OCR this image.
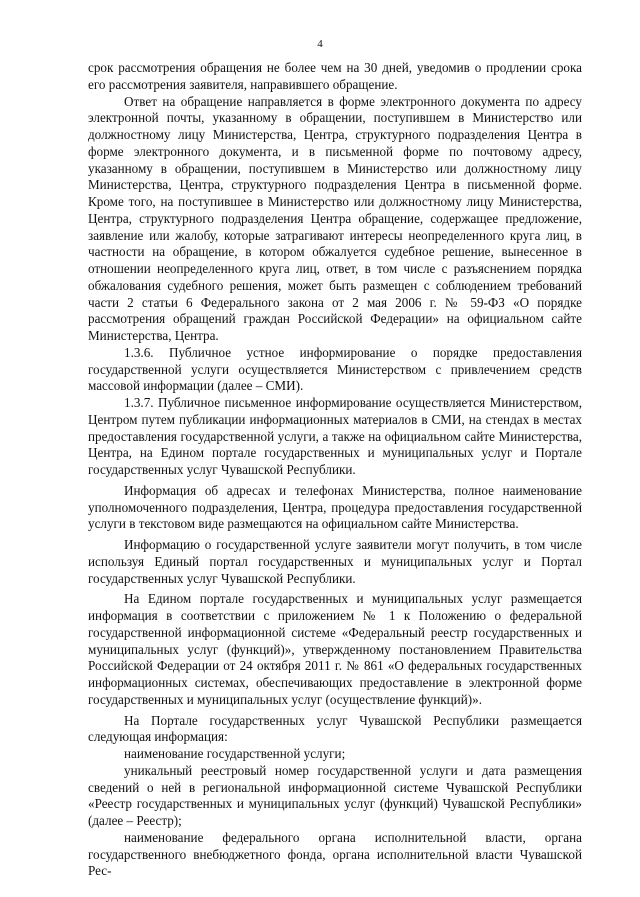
4

срок рассмотрения обращения не более чем на 30 дней, уведомив о продлении срока его рассмотрения заявителя, направившего обращение.

Ответ на обращение направляется в форме электронного документа по адресу электронной почты, указанному в обращении, поступившем в Министерство или должностному лицу Министерства, Центра, структурного подразделения Центра в форме электронного документа, и в письменной форме по почтовому адресу, указанному в обращении, поступившем в Министерство или должностному лицу Министерства, Центра, структурного подразделения Центра в письменной форме. Кроме того, на поступившее в Министерство или должностному лицу Министерства, Центра, структурного подразделения Центра обращение, содержащее предложение, заявление или жалобу, которые затрагивают интересы неопределенного круга лиц, в частности на обращение, в котором обжалуется судебное решение, вынесенное в отношении неопределенного круга лиц, ответ, в том числе с разъяснением порядка обжалования судебного решения, может быть размещен с соблюдением требований части 2 статьи 6 Федерального закона от 2 мая 2006 г. № 59-ФЗ «О порядке рассмотрения обращений граждан Российской Федерации» на официальном сайте Министерства, Центра.

1.3.6. Публичное устное информирование о порядке предоставления государственной услуги осуществляется Министерством с привлечением средств массовой информации (далее – СМИ).

1.3.7. Публичное письменное информирование осуществляется Министерством, Центром путем публикации информационных материалов в СМИ, на стендах в местах предоставления государственной услуги, а также на официальном сайте Министерства, Центра, на Едином портале государственных и муниципальных услуг и Портале государственных услуг Чувашской Республики.

Информация об адресах и телефонах Министерства, полное наименование уполномоченного подразделения, Центра, процедура предоставления государственной услуги в текстовом виде размещаются на официальном сайте Министерства.

Информацию о государственной услуге заявители могут получить, в том числе используя Единый портал государственных и муниципальных услуг и Портал государственных услуг Чувашской Республики.

На Едином портале государственных и муниципальных услуг размещается информация в соответствии с приложением № 1 к Положению о федеральной государственной информационной системе «Федеральный реестр государственных и муниципальных услуг (функций)», утвержденному постановлением Правительства Российской Федерации от 24 октября 2011 г. № 861 «О федеральных государственных информационных системах, обеспечивающих предоставление в электронной форме государственных и муниципальных услуг (осуществление функций)».

На Портале государственных услуг Чувашской Республики размещается следующая информация:

наименование государственной услуги;

уникальный реестровый номер государственной услуги и дата размещения сведений о ней в региональной информационной системе Чувашской Республики «Реестр государственных и муниципальных услуг (функций) Чувашской Республики» (далее – Реестр);

наименование федерального органа исполнительной власти, органа государственного внебюджетного фонда, органа исполнительной власти Чувашской Рес-
